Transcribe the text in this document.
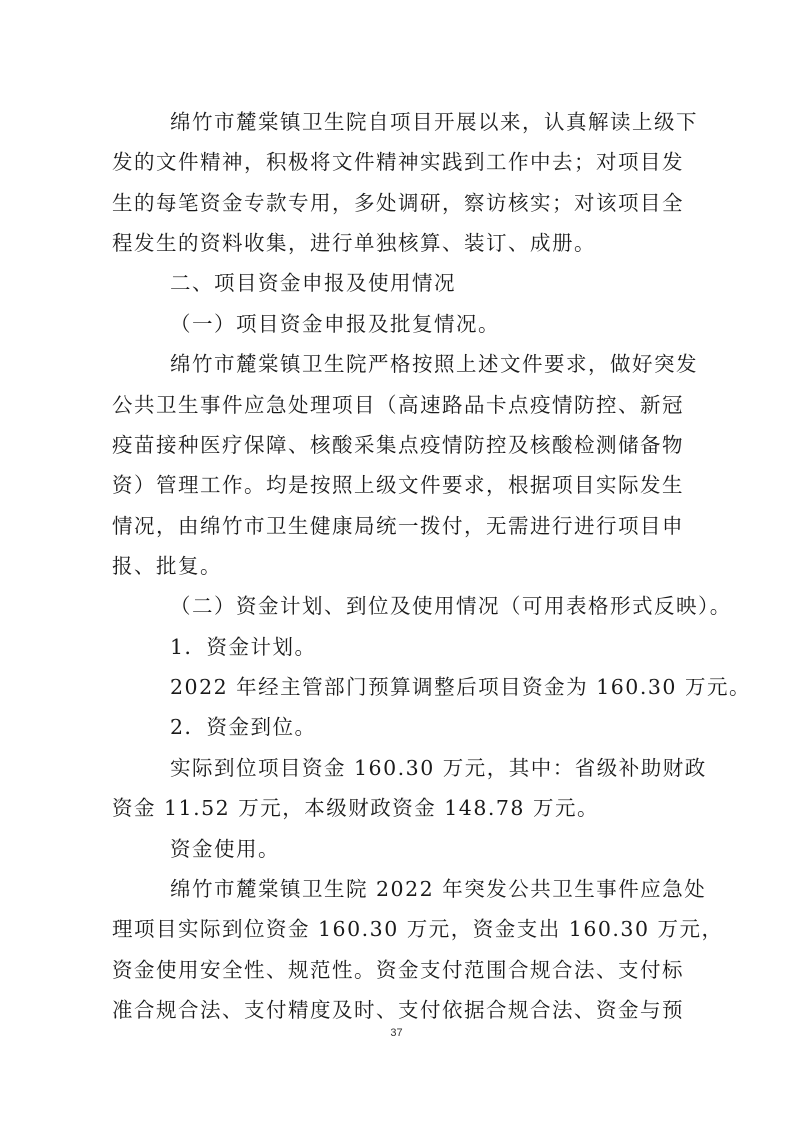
绵竹市麓棠镇卫生院自项目开展以来，认真解读上级下
发的文件精神，积极将文件精神实践到工作中去；对项目发
生的每笔资金专款专用，多处调研，察访核实；对该项目全
程发生的资料收集，进行单独核算、装订、成册。
二、项目资金申报及使用情况
（一）项目资金申报及批复情况。
绵竹市麓棠镇卫生院严格按照上述文件要求，做好突发
公共卫生事件应急处理项目（高速路品卡点疫情防控、新冠
疫苗接种医疗保障、核酸采集点疫情防控及核酸检测储备物
资）管理工作。均是按照上级文件要求，根据项目实际发生
情况，由绵竹市卫生健康局统一拨付，无需进行进行项目申
报、批复。
（二）资金计划、到位及使用情况（可用表格形式反映）。
1．资金计划。
2022 年经主管部门预算调整后项目资金为 160.30 万元。
2．资金到位。
实际到位项目资金 160.30 万元，其中：省级补助财政
资金 11.52 万元，本级财政资金 148.78 万元。
资金使用。
绵竹市麓棠镇卫生院 2022 年突发公共卫生事件应急处
理项目实际到位资金 160.30 万元，资金支出 160.30 万元，
资金使用安全性、规范性。资金支付范围合规合法、支付标
准合规合法、支付精度及时、支付依据合规合法、资金与预
37
